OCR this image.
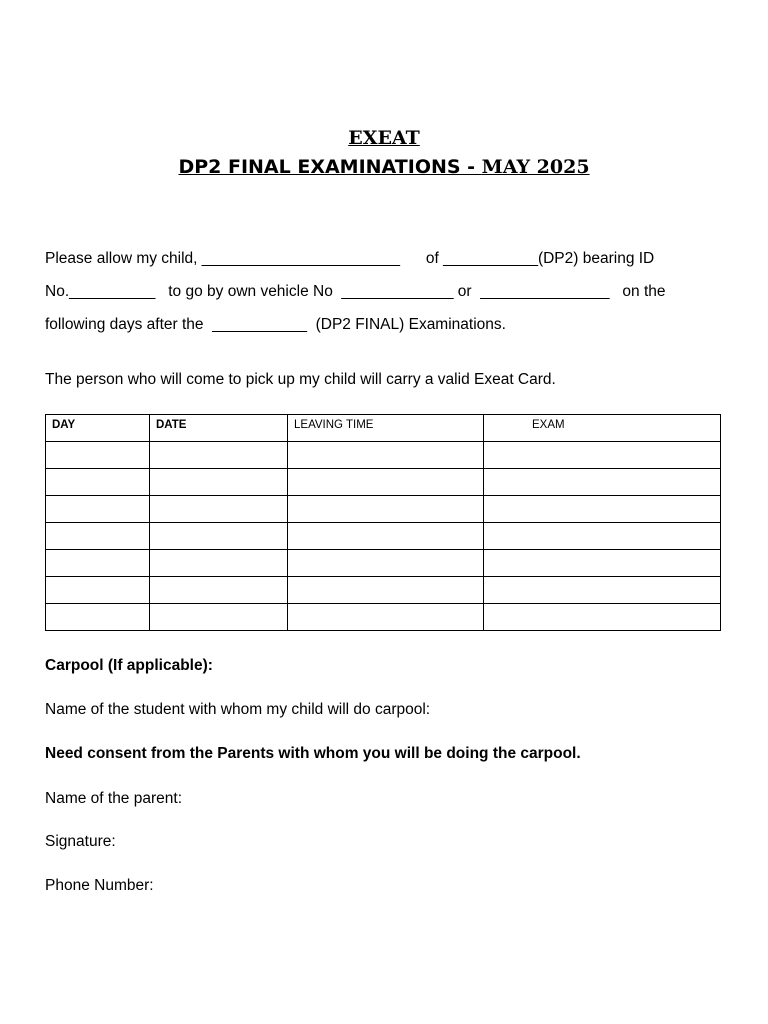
EXEAT
DP2 FINAL EXAMINATIONS - MAY 2025
Please allow my child, _______________________      of ___________(DP2) bearing ID
No.__________   to go by own vehicle No  _____________ or  _______________   on the
following days after the  ___________  (DP2 FINAL) Examinations.
The person who will come to pick up my child will carry a valid Exeat Card.
DAY	DATE	LEAVING TIME	EXAM

Carpool (If applicable):
Name of the student with whom my child will do carpool:
Need consent from the Parents with whom you will be doing the carpool.
Name of the parent:
Signature:
Phone Number:
